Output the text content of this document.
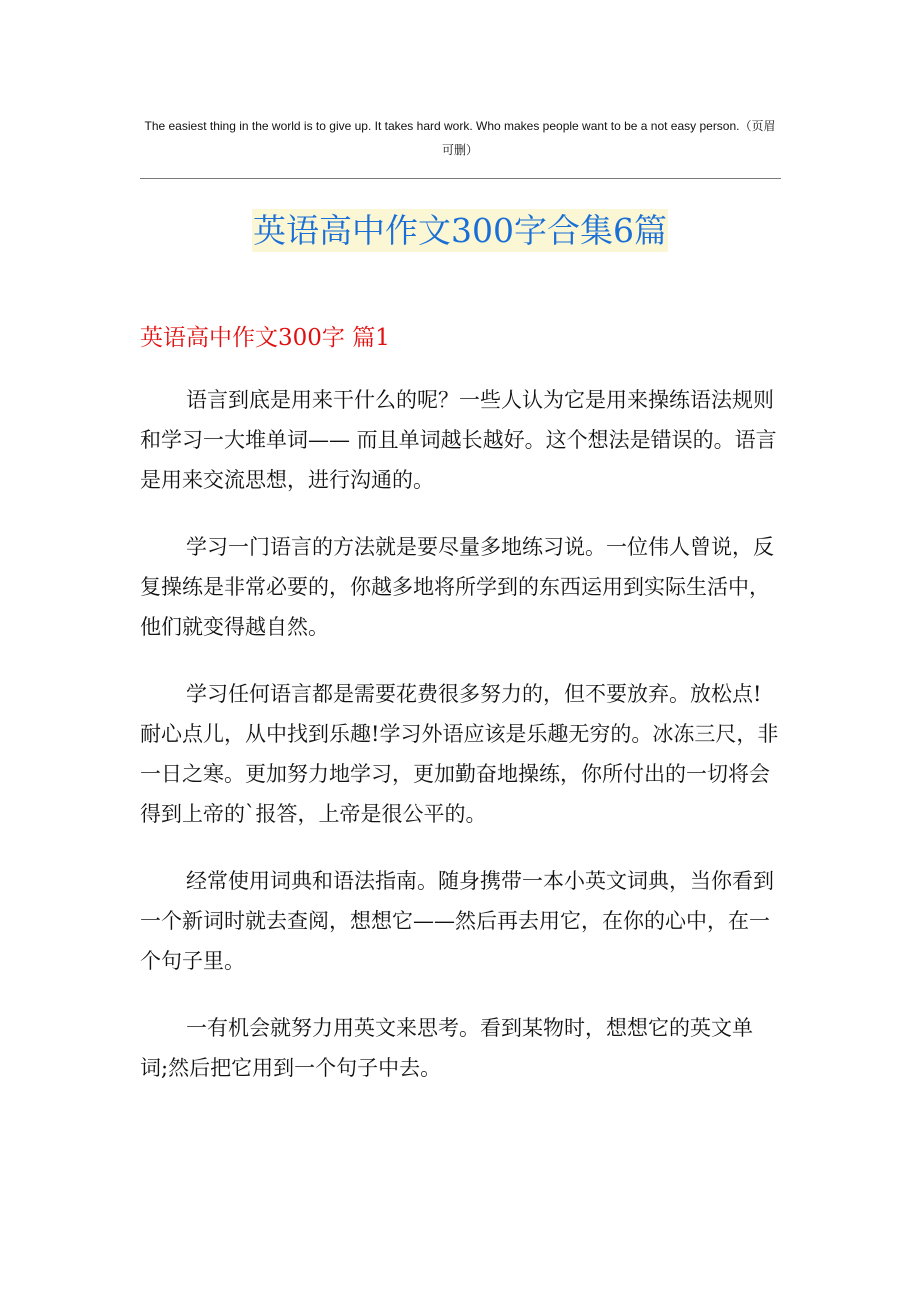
The easiest thing in the world is to give up. It takes hard work. Who makes people want to be a not easy person.（页眉可删）
英语高中作文300字合集6篇
英语高中作文300字 篇1

语言到底是用来干什么的呢？一些人认为它是用来操练语法规则和学习一大堆单词—— 而且单词越长越好。这个想法是错误的。语言是用来交流思想，进行沟通的。

学习一门语言的方法就是要尽量多地练习说。一位伟人曾说，反复操练是非常必要的，你越多地将所学到的东西运用到实际生活中，他们就变得越自然。

学习任何语言都是需要花费很多努力的，但不要放弃。放松点!耐心点儿，从中找到乐趣!学习外语应该是乐趣无穷的。冰冻三尺，非一日之寒。更加努力地学习，更加勤奋地操练，你所付出的一切将会得到上帝的`报答，上帝是很公平的。

经常使用词典和语法指南。随身携带一本小英文词典，当你看到一个新词时就去查阅，想想它——然后再去用它，在你的心中，在一个句子里。

一有机会就努力用英文来思考。看到某物时，想想它的英文单词;然后把它用到一个句子中去。
